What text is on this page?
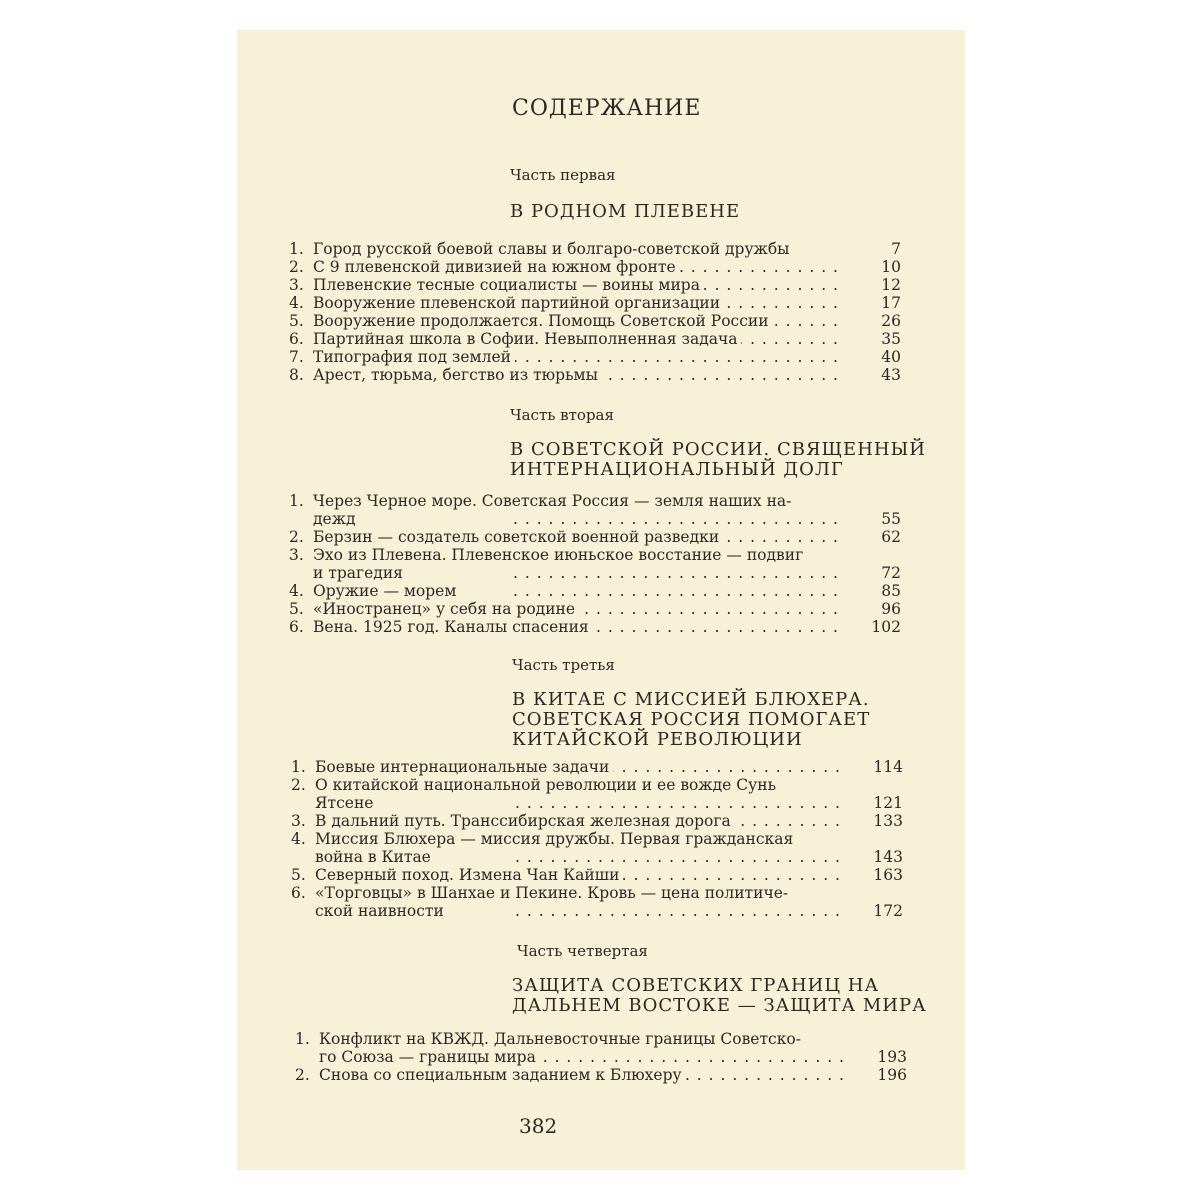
СОДЕРЖАНИЕ
Часть первая
В РОДНОМ ПЛЕВЕНЕ
1. Город русской боевой славы и болгаро-советской дружбы	7
2. С 9 плевенской дивизией на южном фронте . . .	10
3. Плевенские тесные социалисты — воины мира . . .	12
4. Вооружение плевенской партийной организации . . .	17
5. Вооружение продолжается. Помощь Советской России . . .	26
6. Партийная школа в Софии. Невыполненная задача . . .	35
7. Типография под землей . . .	40
8. Арест, тюрьма, бегство из тюрьмы . . .	43
Часть вторая
В СОВЕТСКОЙ РОССИИ. СВЯЩЕННЫЙ
ИНТЕРНАЦИОНАЛЬНЫЙ ДОЛГ
1. Через Черное море. Советская Россия — земля наших на-
дежд . . .	55
2. Берзин — создатель советской военной разведки . . .	62
3. Эхо из Плевена. Плевенское июньское восстание — подвиг
и трагедия . . .	72
4. Оружие — морем . . .	85
5. «Иностранец» у себя на родине . . .	96
6. Вена. 1925 год. Каналы спасения . . .	102
Часть третья
В КИТАЕ С МИССИЕЙ БЛЮХЕРА.
СОВЕТСКАЯ РОССИЯ ПОМОГАЕТ
КИТАЙСКОЙ РЕВОЛЮЦИИ
1. Боевые интернациональные задачи . . .	114
2. О китайской национальной революции и ее вожде Сунь
Ятсене . . .	121
3. В дальний путь. Транссибирская железная дорога . . .	133
4. Миссия Блюхера — миссия дружбы. Первая гражданская
война в Китае . . .	143
5. Северный поход. Измена Чан Кайши . . .	163
6. «Торговцы» в Шанхае и Пекине. Кровь — цена политиче-
ской наивности . . .	172
Часть четвертая
ЗАЩИТА СОВЕТСКИХ ГРАНИЦ НА
ДАЛЬНЕМ ВОСТОКЕ — ЗАЩИТА МИРА
1. Конфликт на КВЖД. Дальневосточные границы Советско-
го Союза — границы мира . . .	193
2. Снова со специальным заданием к Блюхеру . . .	196
382
